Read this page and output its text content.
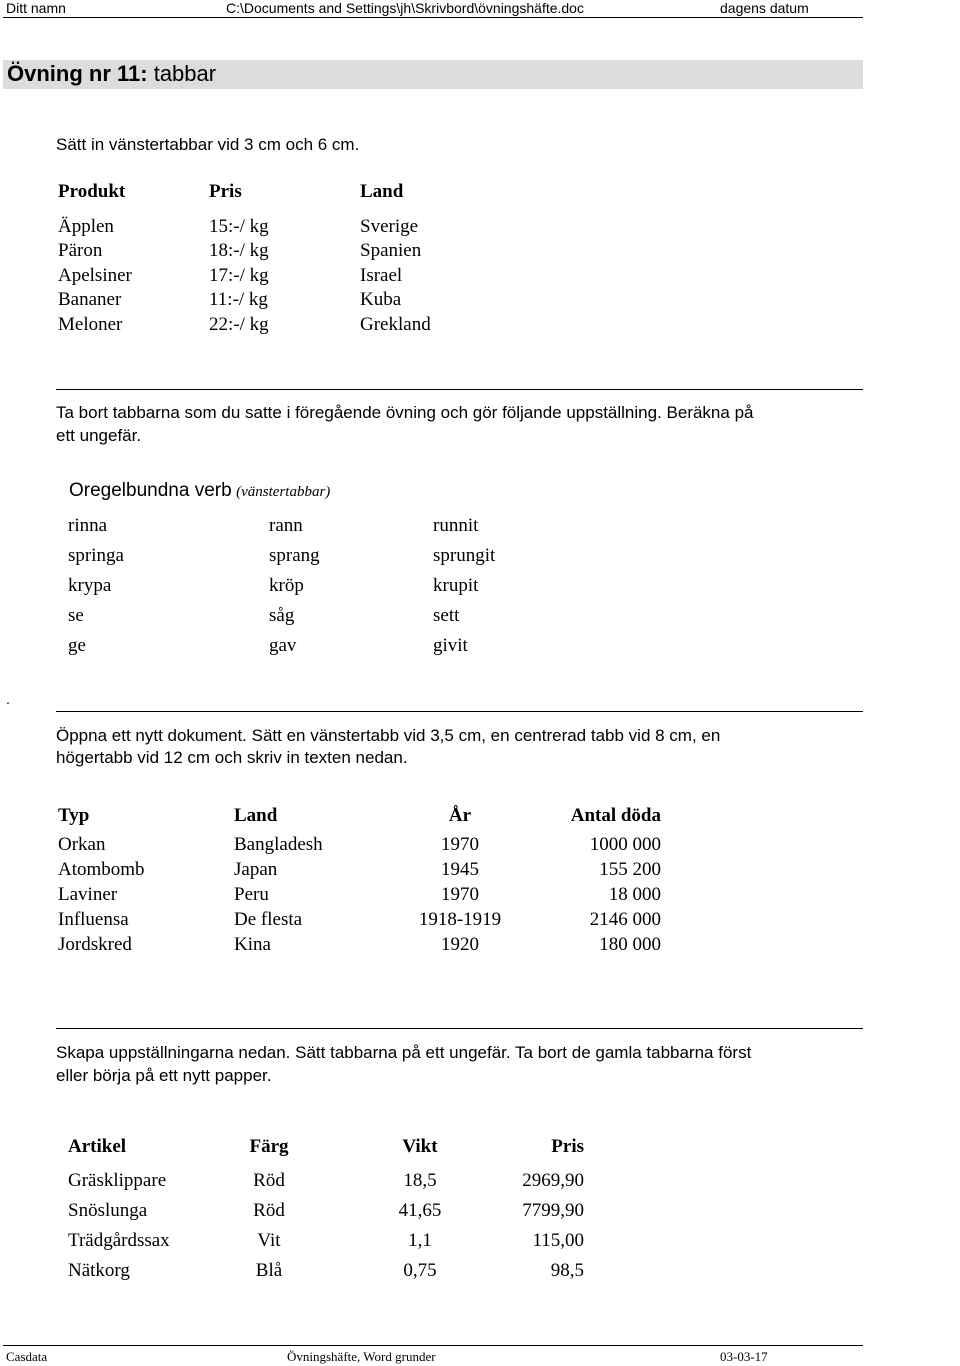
Ditt namn	C:\Documents and Settings\jh\Skrivbord\övningshäfte.doc	dagens datum
Övning nr 11: tabbar
Sätt in vänstertabbar vid 3 cm och 6 cm.
Produkt	Pris	Land
Äpplen	15:-/ kg	Sverige
Päron	18:-/ kg	Spanien
Apelsiner	17:-/ kg	Israel
Bananer	11:-/ kg	Kuba
Meloner	22:-/ kg	Grekland
Ta bort tabbarna som du satte i föregående övning och gör följande uppställning. Beräkna på
ett ungefär.
Oregelbundna verb (vänstertabbar)
rinna	rann	runnit
springa	sprang	sprungit
krypa	kröp	krupit
se	såg	sett
ge	gav	givit
.
Öppna ett nytt dokument. Sätt en vänstertabb vid 3,5 cm, en centrerad tabb vid 8 cm, en
högertabb vid 12 cm och skriv in texten nedan.
Typ	Land	År	Antal döda
Orkan	Bangladesh	1970	1000 000
Atombomb	Japan	1945	155 200
Laviner	Peru	1970	18 000
Influensa	De flesta	1918-1919	2146 000
Jordskred	Kina	1920	180 000
Skapa uppställningarna nedan. Sätt tabbarna på ett ungefär. Ta bort de gamla tabbarna först
eller börja på ett nytt papper.
Artikel	Färg	Vikt	Pris
Gräsklippare	Röd	18,5	2969,90
Snöslunga	Röd	41,65	7799,90
Trädgårdssax	Vit	1,1	115,00
Nätkorg	Blå	0,75	98,5
Casdata	Övningshäfte, Word grunder	03-03-17
